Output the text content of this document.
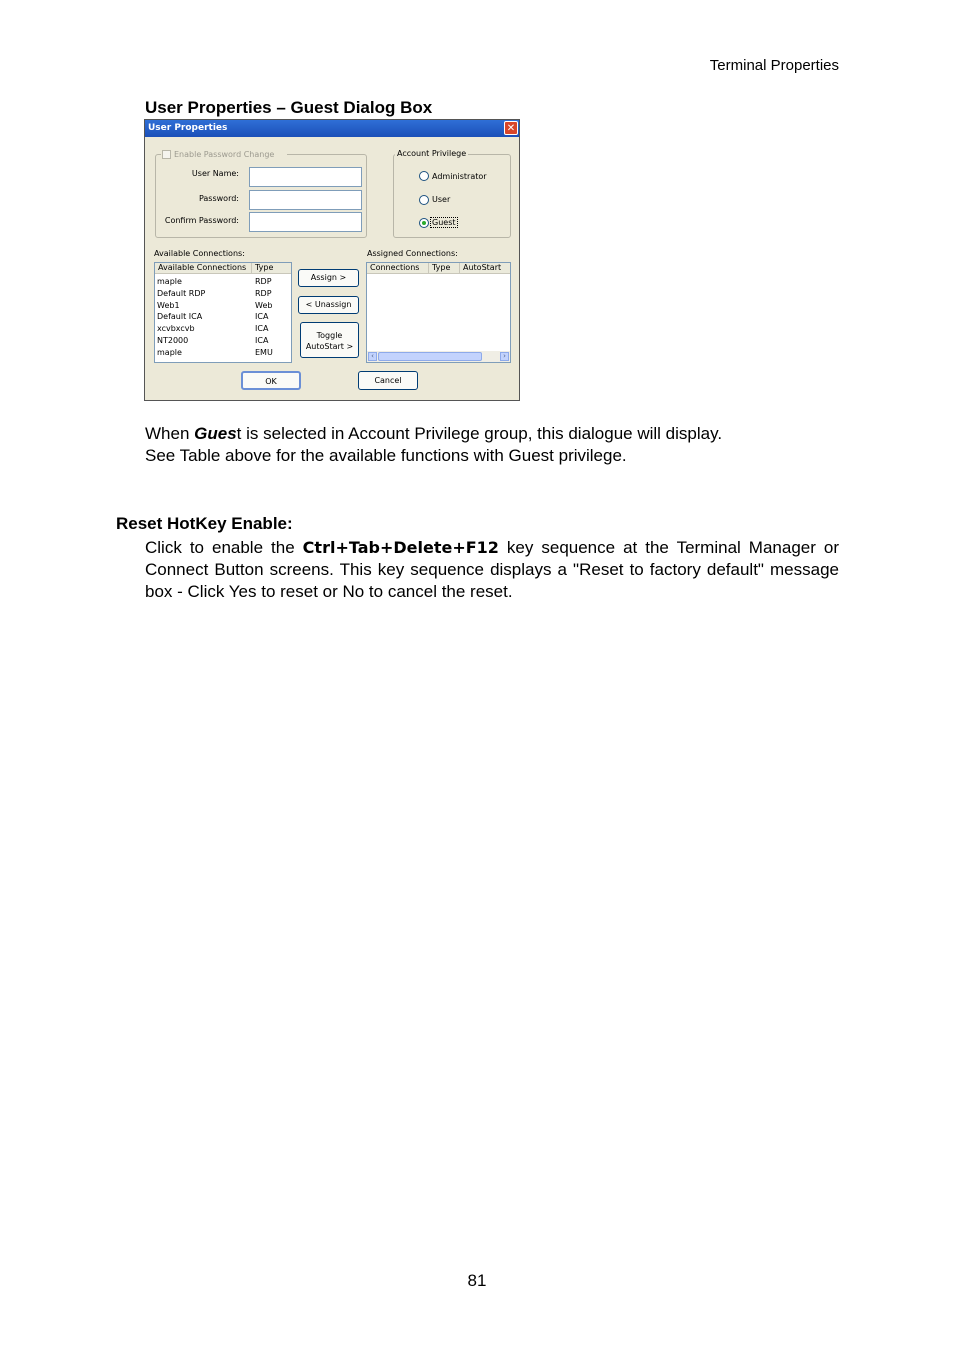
Terminal Properties
User Properties – Guest Dialog Box
User Properties	✕
Enable Password Change
User Name:
Password:
Confirm Password:
Account Privilege
Administrator
User
Guest
Available Connections:
Available Connections	Type
maple	RDP
Default RDP	RDP
Web1	Web
Default ICA	ICA
xcvbxcvb	ICA
NT2000	ICA
maple	EMU
Assign >
< Unassign
Toggle
AutoStart >
Assigned Connections:
Connections	Type	AutoStart
‹	›
OK	Cancel
When Guest is selected in Account Privilege group, this dialogue will display.
See Table above for the available functions with Guest privilege.
Reset HotKey Enable:
Click to enable the Ctrl+Tab+Delete+F12 key sequence at the Terminal Manager or Connect Button screens. This key sequence displays a "Reset to factory default" message box - Click Yes to reset or No to cancel the reset.
81
